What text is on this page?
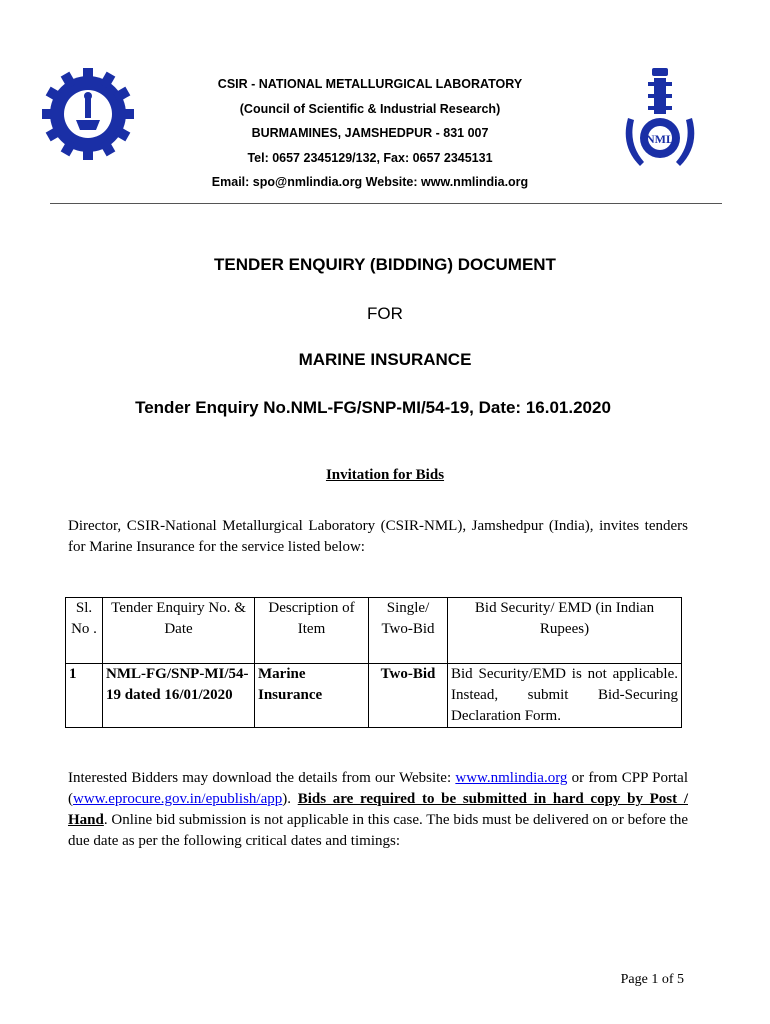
NML
CSIR - NATIONAL METALLURGICAL LABORATORY
(Council of Scientific & Industrial Research)
BURMAMINES, JAMSHEDPUR - 831 007
Tel: 0657 2345129/132, Fax: 0657 2345131
Email: spo@nmlindia.org Website: www.nmlindia.org
TENDER ENQUIRY (BIDDING) DOCUMENT
FOR
MARINE INSURANCE
Tender Enquiry No.NML-FG/SNP-MI/54-19, Date: 16.01.2020
Invitation for Bids
Director, CSIR-National Metallurgical Laboratory (CSIR-NML), Jamshedpur (India), invites tenders for Marine Insurance for the service listed below:
Sl. No .	Tender Enquiry No. & Date	Description of Item	Single/ Two-Bid	Bid Security/ EMD (in Indian Rupees)
1	NML-FG/SNP-MI/54-19 dated 16/01/2020	Marine Insurance	Two-Bid	Bid Security/EMD is not applicable. Instead, submit Bid-Securing Declaration Form.
Interested Bidders may download the details from our Website: www.nmlindia.org or from CPP Portal (www.eprocure.gov.in/epublish/app). Bids are required to be submitted in hard copy by Post / Hand. Online bid submission is not applicable in this case. The bids must be delivered on or before the due date as per the following critical dates and timings:
Page 1 of 5
